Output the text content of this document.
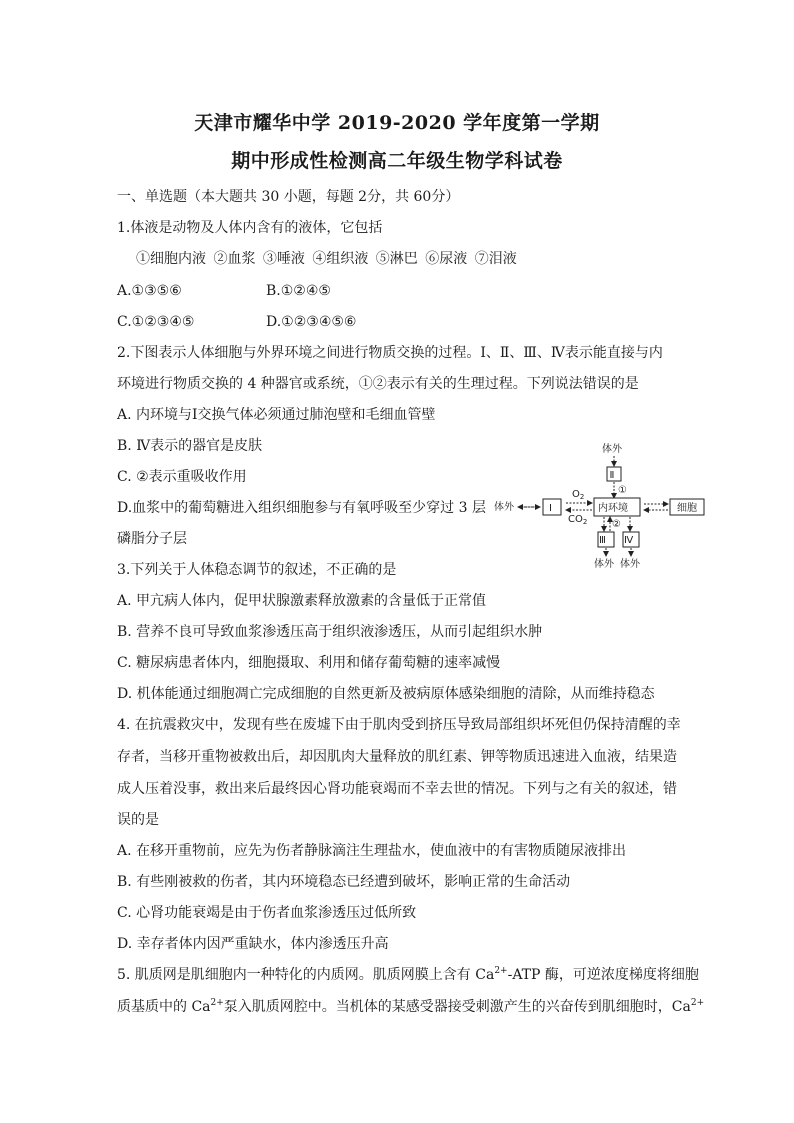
天津市耀华中学 2019-2020 学年度第一学期
期中形成性检测高二年级生物学科试卷
一、单选题（本大题共 30 小题，每题 2分，共 60分）
1.体液是动物及人体内含有的液体，它包括
①细胞内液 ②血浆 ③唾液 ④组织液 ⑤淋巴 ⑥尿液 ⑦泪液
A.①③⑤⑥	B.①②④⑤
C.①②③④⑤	D.①②③④⑤⑥
2.下图表示人体细胞与外界环境之间进行物质交换的过程。Ⅰ、Ⅱ、Ⅲ、Ⅳ表示能直接与内
环境进行物质交换的 4 种器官或系统，①②表示有关的生理过程。下列说法错误的是
A. 内环境与Ⅰ交换气体必须通过肺泡壁和毛细血管壁
B. Ⅳ表示的器官是皮肤
C. ②表示重吸收作用
D.血浆中的葡萄糖进入组织细胞参与有氧呼吸至少穿过 3 层
磷脂分子层
体外
Ⅱ
①
体外	Ⅰ
$O_2$
$CO_2$
内环境	细胞
②
Ⅲ Ⅳ
体外 体外
3.下列关于人体稳态调节的叙述，不正确的是
A. 甲亢病人体内，促甲状腺激素释放激素的含量低于正常值
B. 营养不良可导致血浆渗透压高于组织液渗透压，从而引起组织水肿
C. 糖尿病患者体内，细胞摄取、利用和储存葡萄糖的速率减慢
D. 机体能通过细胞凋亡完成细胞的自然更新及被病原体感染细胞的清除，从而维持稳态
4. 在抗震救灾中，发现有些在废墟下由于肌肉受到挤压导致局部组织坏死但仍保持清醒的幸
存者，当移开重物被救出后，却因肌肉大量释放的肌红素、钾等物质迅速进入血液，结果造
成人压着没事，救出来后最终因心肾功能衰竭而不幸去世的情况。下列与之有关的叙述，错
误的是
A. 在移开重物前，应先为伤者静脉滴注生理盐水，使血液中的有害物质随尿液排出
B. 有些刚被救的伤者，其内环境稳态已经遭到破坏，影响正常的生命活动
C. 心肾功能衰竭是由于伤者血浆渗透压过低所致
D. 幸存者体内因严重缺水，体内渗透压升高
5. 肌质网是肌细胞内一种特化的内质网。肌质网膜上含有 $Ca^{2+}$-ATP 酶，可逆浓度梯度将细胞
质基质中的 $Ca^{2+}$泵入肌质网腔中。当机体的某感受器接受刺激产生的兴奋传到肌细胞时，$Ca^{2+}$
